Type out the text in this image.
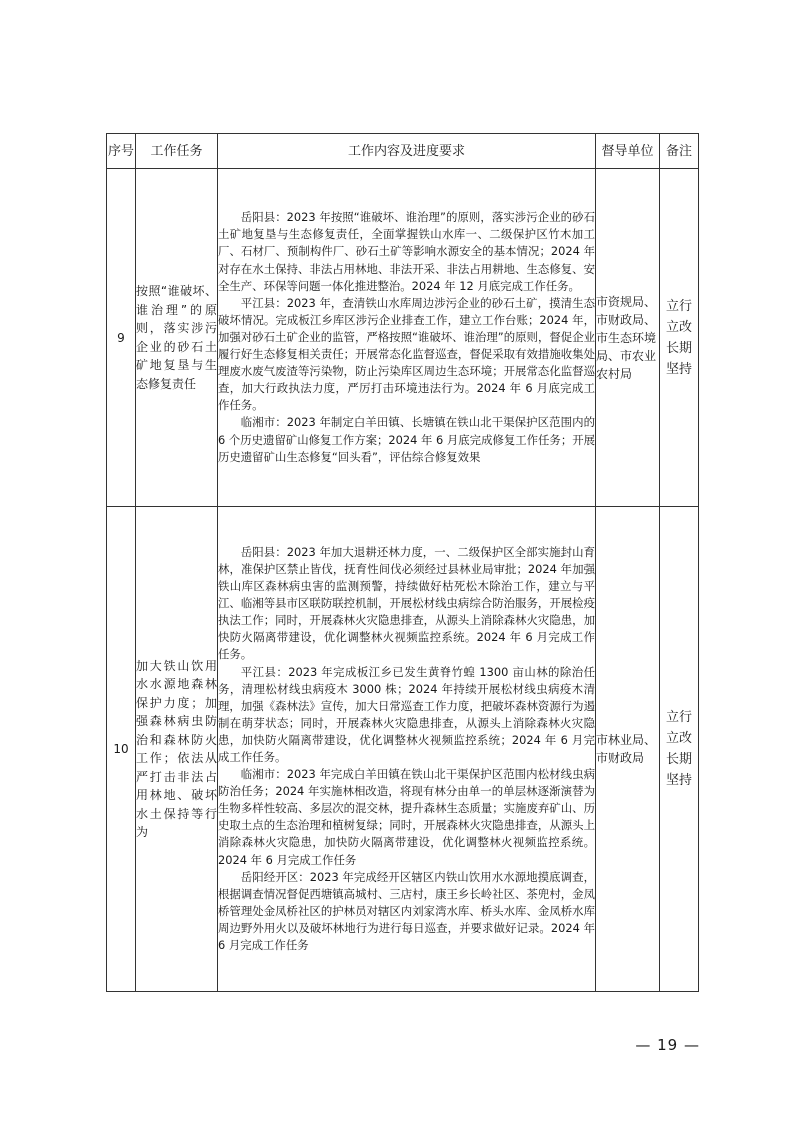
序号	工作任务	工作内容及进度要求	督导单位	备注
9	按照“谁破坏、谁治理”的原则，落实涉污企业的砂石土矿地复垦与生态修复责任	岳阳县：2023 年按照“谁破坏、谁治理”的原则，落实涉污企业的砂石土矿地复垦与生态修复责任，全面掌握铁山水库一、二级保护区竹木加工厂、石材厂、预制构件厂、砂石土矿等影响水源安全的基本情况；2024 年对存在水土保持、非法占用林地、非法开采、非法占用耕地、生态修复、安全生产、环保等问题一体化推进整治。2024 年 12 月底完成工作任务。

平江县：2023 年，查清铁山水库周边涉污企业的砂石土矿，摸清生态破坏情况。完成板江乡库区涉污企业排查工作，建立工作台账；2024 年，加强对砂石土矿企业的监管，严格按照“谁破坏、谁治理”的原则，督促企业履行好生态修复相关责任；开展常态化监督巡查，督促采取有效措施收集处理废水废气废渣等污染物，防止污染库区周边生态环境；开展常态化监督巡查，加大行政执法力度，严厉打击环境违法行为。2024 年 6 月底完成工作任务。

临湘市：2023 年制定白羊田镇、长塘镇在铁山北干渠保护区范围内的 6 个历史遗留矿山修复工作方案；2024 年 6 月底完成修复工作任务；开展历史遗留矿山生态修复“回头看”，评估综合修复效果	市资规局、市财政局、市生态环境局、市农业农村局	立行立改长期坚持
10	加大铁山饮用水水源地森林保护力度；加强森林病虫防治和森林防火工作；依法从严打击非法占用林地、破坏水土保持等行为	岳阳县：2023 年加大退耕还林力度，一、二级保护区全部实施封山育林，准保护区禁止皆伐，抚育性间伐必须经过县林业局审批；2024 年加强铁山库区森林病虫害的监测预警，持续做好枯死松木除治工作，建立与平江、临湘等县市区联防联控机制，开展松材线虫病综合防治服务，开展检疫执法工作；同时，开展森林火灾隐患排查，从源头上消除森林火灾隐患，加快防火隔离带建设，优化调整林火视频监控系统。2024 年 6 月完成工作任务。

平江县：2023 年完成板江乡已发生黄脊竹蝗 1300 亩山林的除治任务，清理松材线虫病疫木 3000 株；2024 年持续开展松材线虫病疫木清理，加强《森林法》宣传，加大日常巡查工作力度，把破坏森林资源行为遏制在萌芽状态；同时，开展森林火灾隐患排查，从源头上消除森林火灾隐患，加快防火隔离带建设，优化调整林火视频监控系统；2024 年 6 月完成工作任务。

临湘市：2023 年完成白羊田镇在铁山北干渠保护区范围内松材线虫病防治任务；2024 年实施林相改造，将现有林分由单一的单层林逐渐演替为生物多样性较高、多层次的混交林，提升森林生态质量；实施废弃矿山、历史取土点的生态治理和植树复绿；同时，开展森林火灾隐患排查，从源头上消除森林火灾隐患，加快防火隔离带建设，优化调整林火视频监控系统。2024 年 6 月完成工作任务

岳阳经开区：2023 年完成经开区辖区内铁山饮用水水源地摸底调查，根据调查情况督促西塘镇高城村、三店村，康王乡长岭社区、茶兜村，金凤桥管理处金凤桥社区的护林员对辖区内刘家湾水库、桥头水库、金凤桥水库周边野外用火以及破坏林地行为进行每日巡查，并要求做好记录。2024 年 6 月完成工作任务	市林业局、市财政局	立行立改长期坚持
— 19 —
